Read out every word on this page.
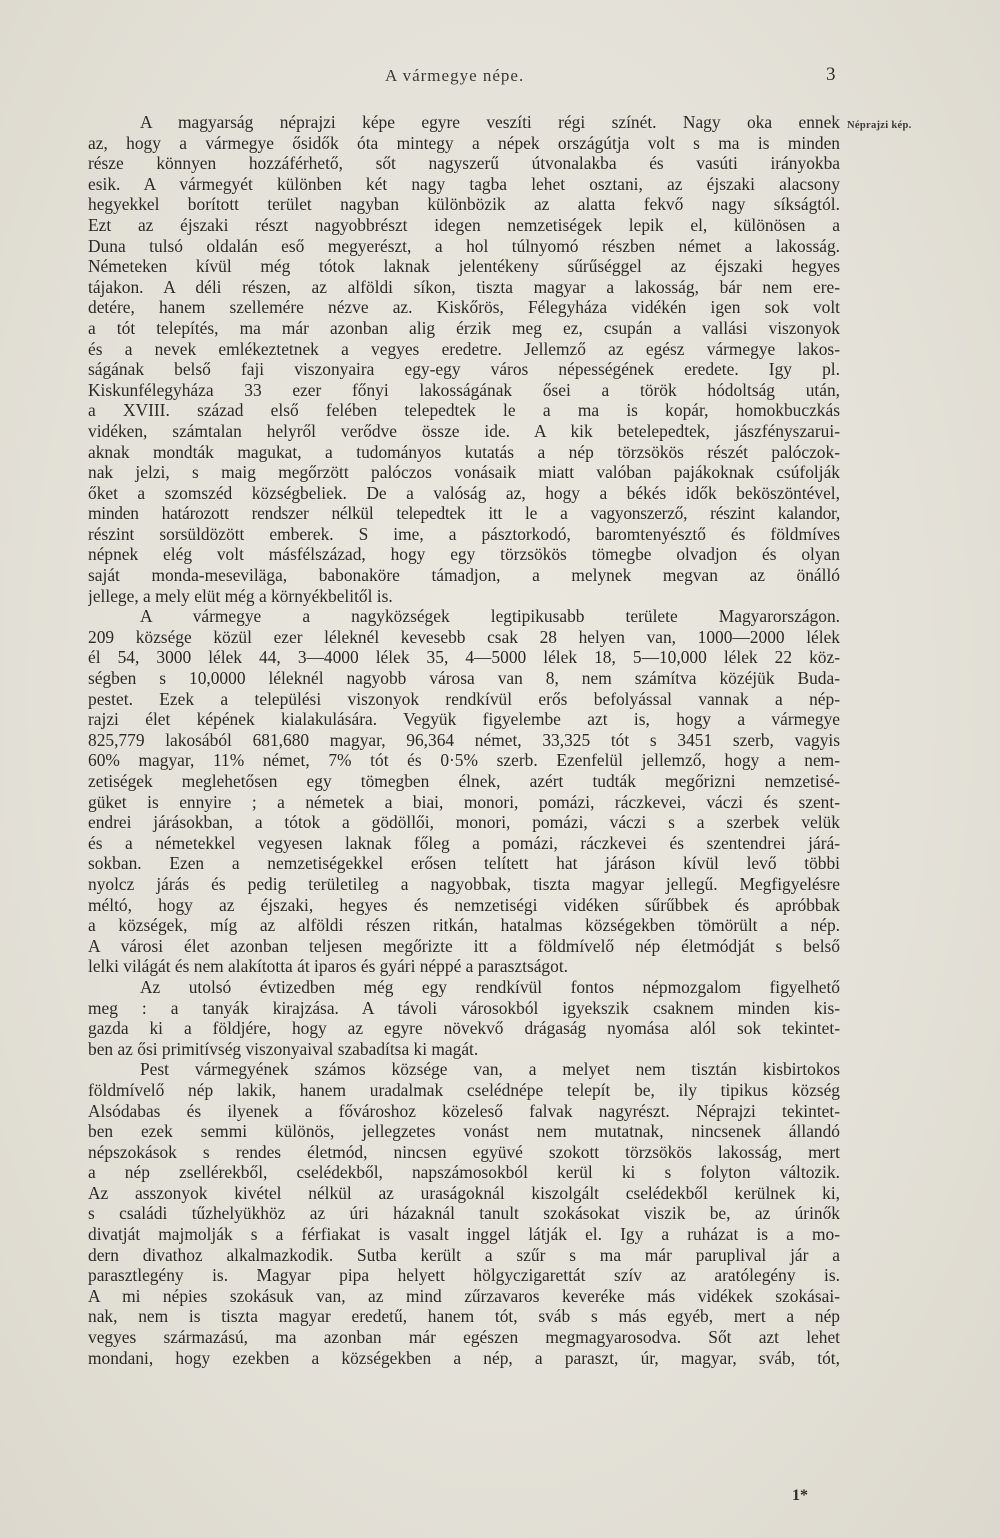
A vármegye népe.	3
Néprajzi kép.
A magyarság néprajzi képe egyre veszíti régi színét. Nagy oka ennek
az, hogy a vármegye ősidők óta mintegy a népek országútja volt s ma is minden
része könnyen hozzáférhető, sőt nagyszerű útvonalakba és vasúti irányokba
esik. A vármegyét különben két nagy tagba lehet osztani, az éjszaki alacsony
hegyekkel borított terület nagyban különbözik az alatta fekvő nagy síkságtól.
Ezt az éjszaki részt nagyobbrészt idegen nemzetiségek lepik el, különösen a
Duna tulsó oldalán eső megyerészt, a hol túlnyomó részben német a lakosság.
Németeken kívül még tótok laknak jelentékeny sűrűséggel az éjszaki hegyes
tájakon. A déli részen, az alföldi síkon, tiszta magyar a lakosság, bár nem ere-
detére, hanem szellemére nézve az. Kiskőrös, Félegyháza vidékén igen sok volt
a tót telepítés, ma már azonban alig érzik meg ez, csupán a vallási viszonyok
és a nevek emlékeztetnek a vegyes eredetre. Jellemző az egész vármegye lakos-
ságának belső faji viszonyaira egy-egy város népességének eredete. Igy pl.
Kiskunfélegyháza 33 ezer főnyi lakosságának ősei a török hódoltság után,
a XVIII. század első felében telepedtek le a ma is kopár, homokbuczkás
vidéken, számtalan helyről verődve össze ide. A kik betelepedtek, jászfényszarui-
aknak mondták magukat, a tudományos kutatás a nép törzsökös részét palóczok-
nak jelzi, s maig megőrzött palóczos vonásaik miatt valóban pajákoknak csúfolják
őket a szomszéd községbeliek. De a valóság az, hogy a békés idők beköszöntével,
minden határozott rendszer nélkül telepedtek itt le a vagyonszerző, részint kalandor,
részint sorsüldözött emberek. S ime, a pásztorkodó, baromtenyésztő és földmíves
népnek elég volt másfélszázad, hogy egy törzsökös tömegbe olvadjon és olyan
saját monda-meseviläga, babonaköre támadjon, a melynek megvan az önálló
jellege, a mely elüt még a környékbelitől is.
A vármegye a nagyközségek legtipikusabb területe Magyarországon.
209 községe közül ezer léleknél kevesebb csak 28 helyen van, 1000—2000 lélek
él 54, 3000 lélek 44, 3—4000 lélek 35, 4—5000 lélek 18, 5—10,000 lélek 22 köz-
ségben s 10,0000 léleknél nagyobb városa van 8, nem számítva közéjük Buda-
pestet. Ezek a települési viszonyok rendkívül erős befolyással vannak a nép-
rajzi élet képének kialakulására. Vegyük figyelembe azt is, hogy a vármegye
825,779 lakosából 681,680 magyar, 96,364 német, 33,325 tót s 3451 szerb, vagyis
60% magyar, 11% német, 7% tót és 0·5% szerb. Ezenfelül jellemző, hogy a nem-
zetiségek meglehetősen egy tömegben élnek, azért tudták megőrizni nemzetisé-
güket is ennyire ; a németek a biai, monori, pomázi, ráczkevei, váczi és szent-
endrei járásokban, a tótok a gödöllői, monori, pomázi, váczi s a szerbek velük
és a németekkel vegyesen laknak főleg a pomázi, ráczkevei és szentendrei járá-
sokban. Ezen a nemzetiségekkel erősen telített hat járáson kívül levő többi
nyolcz járás és pedig területileg a nagyobbak, tiszta magyar jellegű. Megfigyelésre
méltó, hogy az éjszaki, hegyes és nemzetiségi vidéken sűrűbbek és apróbbak
a községek, míg az alföldi részen ritkán, hatalmas községekben tömörült a nép.
A városi élet azonban teljesen megőrizte itt a földmívelő nép életmódját s belső
lelki világát és nem alakította át iparos és gyári néppé a parasztságot.
Az utolsó évtizedben még egy rendkívül fontos népmozgalom figyelhető
meg : a tanyák kirajzása. A távoli városokból igyekszik csaknem minden kis-
gazda ki a földjére, hogy az egyre növekvő drágaság nyomása alól sok tekintet-
ben az ősi primitívség viszonyaival szabadítsa ki magát.
Pest vármegyének számos községe van, a melyet nem tisztán kisbirtokos
földmívelő nép lakik, hanem uradalmak cselédnépe telepít be, ily tipikus község
Alsódabas és ilyenek a fővároshoz közeleső falvak nagyrészt. Néprajzi tekintet-
ben ezek semmi különös, jellegzetes vonást nem mutatnak, nincsenek állandó
népszokások s rendes életmód, nincsen együvé szokott törzsökös lakosság, mert
a nép zsellérekből, cselédekből, napszámosokból kerül ki s folyton változik.
Az asszonyok kivétel nélkül az uraságoknál kiszolgált cselédekből kerülnek ki,
s családi tűzhelyükhöz az úri házaknál tanult szokásokat viszik be, az úrinők
divatját majmolják s a férfiakat is vasalt inggel látják el. Igy a ruházat is a mo-
dern divathoz alkalmazkodik. Sutba került a szűr s ma már paruplival jár a
parasztlegény is. Magyar pipa helyett hölgyczigarettát szív az aratólegény is.
A mi népies szokásuk van, az mind zűrzavaros keveréke más vidékek szokásai-
nak, nem is tiszta magyar eredetű, hanem tót, sváb s más egyéb, mert a nép
vegyes származású, ma azonban már egészen megmagyarosodva. Sőt azt lehet
mondani, hogy ezekben a községekben a nép, a paraszt, úr, magyar, sváb, tót,
1*
